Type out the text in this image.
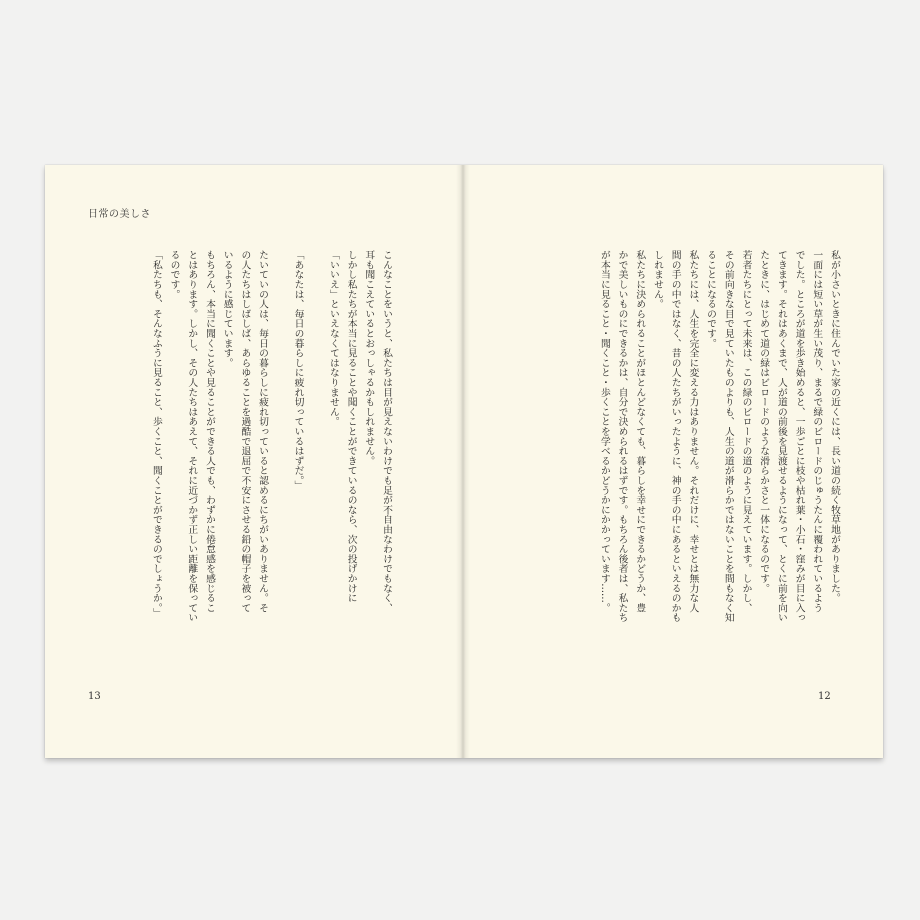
日常の美しさ
こんなことをいうと、私たちは目が見えないわけでも足が不自由なわけでもなく、
耳も聞こえているとおっしゃるかもしれません。
しかし私たちが本当に見ることや聞くことができているのなら、次の投げかけに
「いいえ」といえなくてはなりません。

「あなたは、毎日の暮らしに疲れ切っているはずだ。」

たいていの人は、毎日の暮らしに疲れ切っていると認めるにちがいありません。そ
の人たちはしばしば、あらゆることを過酷で退屈で不安にさせる鉛の帽子を被って
いるように感じています。
もちろん、本当に聞くことや見ることができる人でも、わずかに倦怠感を感じるこ
とはあります。しかし、その人たちはあえて、それに近づかず正しい距離を保ってい
るのです。
「私たちも、そんなふうに見ること、歩くこと、聞くことができるのでしょうか。」
13
私が小さいときに住んでいた家の近くには、長い道の続く牧草地がありました。
一面には短い草が生い茂り、まるで緑のビロードのじゅうたんに覆われているよう
でした。ところが道を歩き始めると、一歩ごとに枝や枯れ葉・小石・窪みが目に入っ
てきます。それはあくまで、人が道の前後を見渡せるようになって、とくに前を向い
たときに、はじめて道の緑はビロードのような滑らかさと一体になるのです。
若者たちにとって未来は、この緑のビロードの道のように見えています。しかし、
その前向きな目で見ていたものよりも、人生の道が滑らかではないことを間もなく知
ることになるのです。
私たちには、人生を完全に変える力はありません。それだけに、幸せとは無力な人
間の手の中ではなく、昔の人たちがいったように、神の手の中にあるといえるのかも
しれません。
私たちに決められることがほとんどなくても、暮らしを幸せにできるかどうか、豊
かで美しいものにできるかは、自分で決められるはずです。もちろん後者は、私たち
が本当に見ること・聞くこと・歩くことを学べるかどうかにかかっています……。
12
